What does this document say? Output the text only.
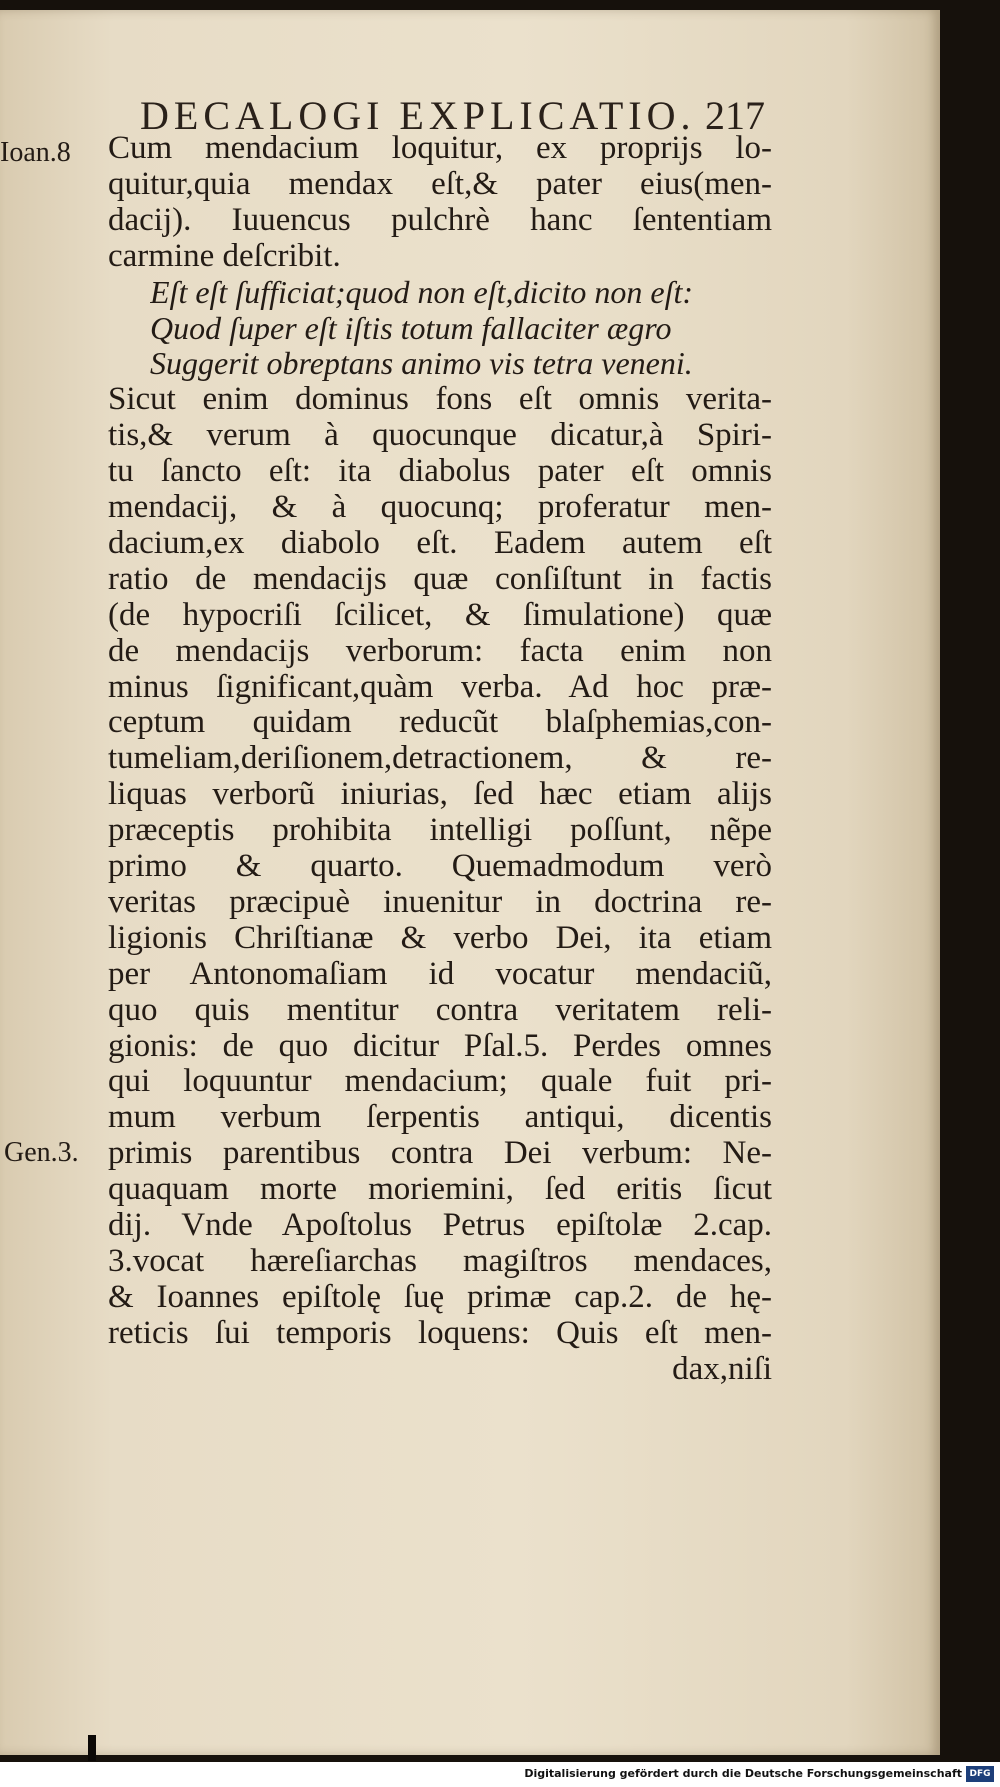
DECALOGI EXPLICATIO. 217
Ioan.8
Gen.3.
Cum mendacium loquitur, ex proprijs lo-
quitur,quia mendax eſt,& pater eius(men-
dacij). Iuuencus pulchrè hanc ſententiam
carmine deſcribit.
Eſt eſt ſufficiat;quod non eſt,dicito non eſt:
Quod ſuper eſt iſtis totum fallaciter ægro
Suggerit obreptans animo vis tetra veneni.
Sicut enim dominus fons eſt omnis verita-
tis,& verum à quocunque dicatur,à Spiri-
tu ſancto eſt: ita diabolus pater eſt omnis
mendacij, & à quocunq; proferatur men-
dacium,ex diabolo eſt. Eadem autem eſt
ratio de mendacijs quæ conſiſtunt in factis
(de hypocriſi ſcilicet, & ſimulatione) quæ
de mendacijs verborum: facta enim non
minus ſignificant,quàm verba. Ad hoc præ-
ceptum quidam reducũt blaſphemias,con-
tumeliam,deriſionem,detractionem, & re-
liquas verborũ iniurias, ſed hæc etiam alijs
præceptis prohibita intelligi poſſunt, nẽpe
primo & quarto. Quemadmodum verò
veritas præcipuè inuenitur in doctrina re-
ligionis Chriſtianæ & verbo Dei, ita etiam
per Antonomaſiam id vocatur mendaciũ,
quo quis mentitur contra veritatem reli-
gionis: de quo dicitur Pſal.5. Perdes omnes
qui loquuntur mendacium; quale fuit pri-
mum verbum ſerpentis antiqui, dicentis
primis parentibus contra Dei verbum: Ne-
quaquam morte moriemini, ſed eritis ſicut
dij. Vnde Apoſtolus Petrus epiſtolæ 2.cap.
3.vocat hæreſiarchas magiſtros mendaces,
& Ioannes epiſtolę ſuę primæ cap.2. de hę-
reticis ſui temporis loquens: Quis eſt men-
dax,niſi
Digitalisierung gefördert durch die Deutsche Forschungsgemeinschaft DFG
